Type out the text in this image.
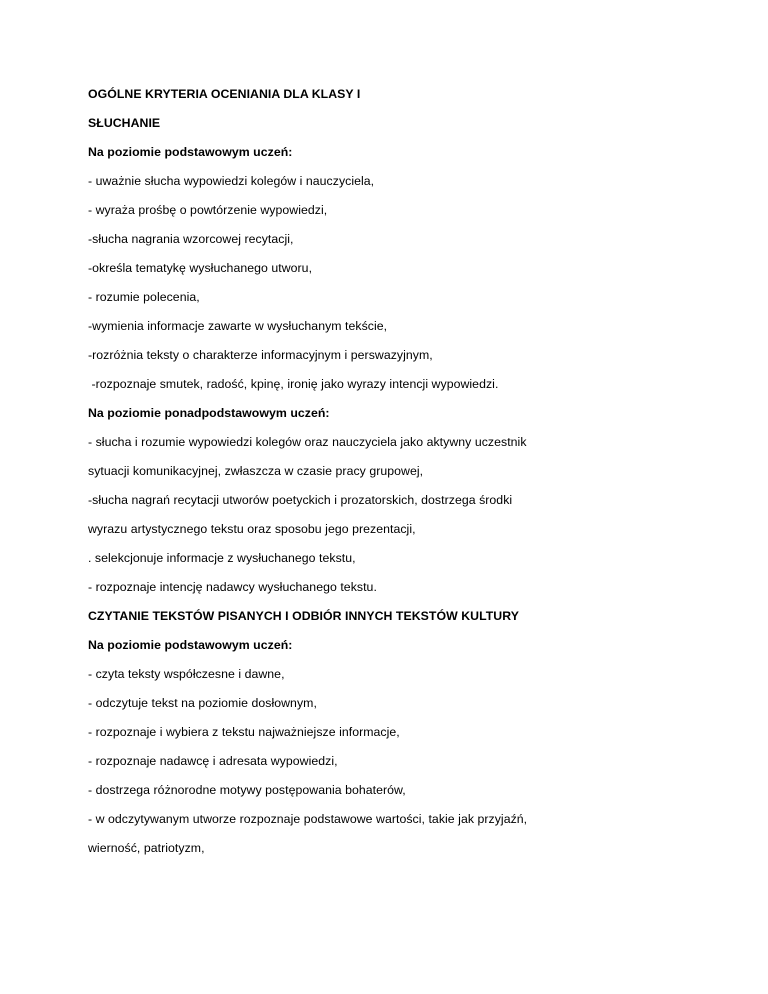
OGÓLNE KRYTERIA OCENIANIA DLA KLASY I
SŁUCHANIE
Na poziomie podstawowym uczeń:
- uważnie słucha wypowiedzi kolegów i nauczyciela,
- wyraża prośbę o powtórzenie wypowiedzi,
-słucha nagrania wzorcowej recytacji,
-określa tematykę wysłuchanego utworu,
- rozumie polecenia,
-wymienia informacje zawarte w wysłuchanym tekście,
-rozróżnia teksty o charakterze informacyjnym i perswazyjnym,
-rozpoznaje smutek, radość, kpinę, ironię jako wyrazy intencji wypowiedzi.
Na poziomie ponadpodstawowym uczeń:
- słucha i rozumie wypowiedzi kolegów oraz nauczyciela jako aktywny uczestnik
sytuacji komunikacyjnej, zwłaszcza w czasie pracy grupowej,
-słucha nagrań recytacji utworów poetyckich i prozatorskich, dostrzega środki
wyrazu artystycznego tekstu oraz sposobu jego prezentacji,
. selekcjonuje informacje z wysłuchanego tekstu,
- rozpoznaje intencję nadawcy wysłuchanego tekstu.
CZYTANIE TEKSTÓW PISANYCH I ODBIÓR INNYCH TEKSTÓW KULTURY
Na poziomie podstawowym uczeń:
- czyta teksty współczesne i dawne,
- odczytuje tekst na poziomie dosłownym,
- rozpoznaje i wybiera z tekstu najważniejsze informacje,
- rozpoznaje nadawcę i adresata wypowiedzi,
- dostrzega różnorodne motywy postępowania bohaterów,
- w odczytywanym utworze rozpoznaje podstawowe wartości, takie jak przyjaźń,
wierność, patriotyzm,
